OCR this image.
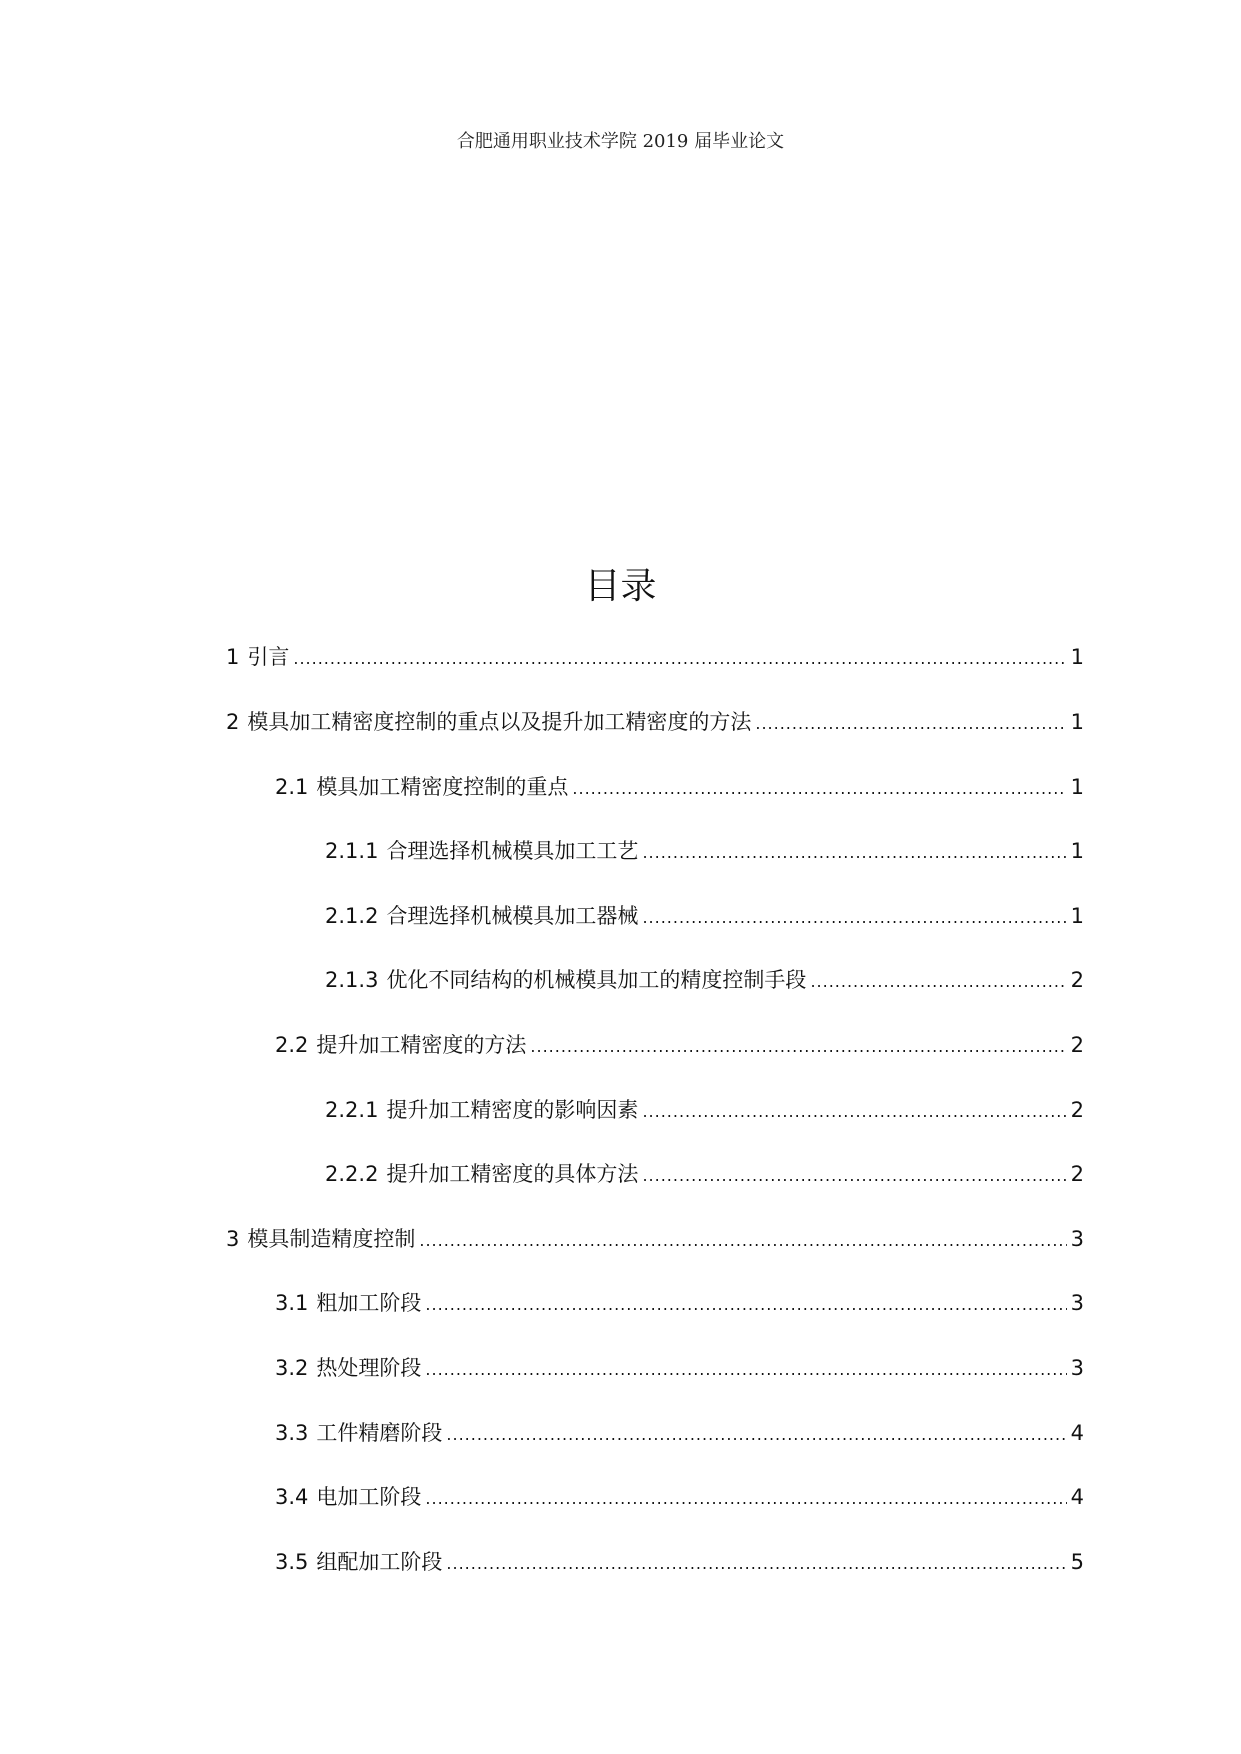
合肥通用职业技术学院 2019 届毕业论文
目录
1 引言 .....	1
2 模具加工精密度控制的重点以及提升加工精密度的方法 .....	1
2.1 模具加工精密度控制的重点 .....	1
2.1.1 合理选择机械模具加工工艺 .....	1
2.1.2 合理选择机械模具加工器械 .....	1
2.1.3 优化不同结构的机械模具加工的精度控制手段 .....	2
2.2 提升加工精密度的方法 .....	2
2.2.1 提升加工精密度的影响因素 .....	2
2.2.2 提升加工精密度的具体方法 .....	2
3 模具制造精度控制 .....	3
3.1 粗加工阶段 .....	3
3.2 热处理阶段 .....	3
3.3 工件精磨阶段 .....	4
3.4 电加工阶段 .....	4
3.5 组配加工阶段 .....	5
